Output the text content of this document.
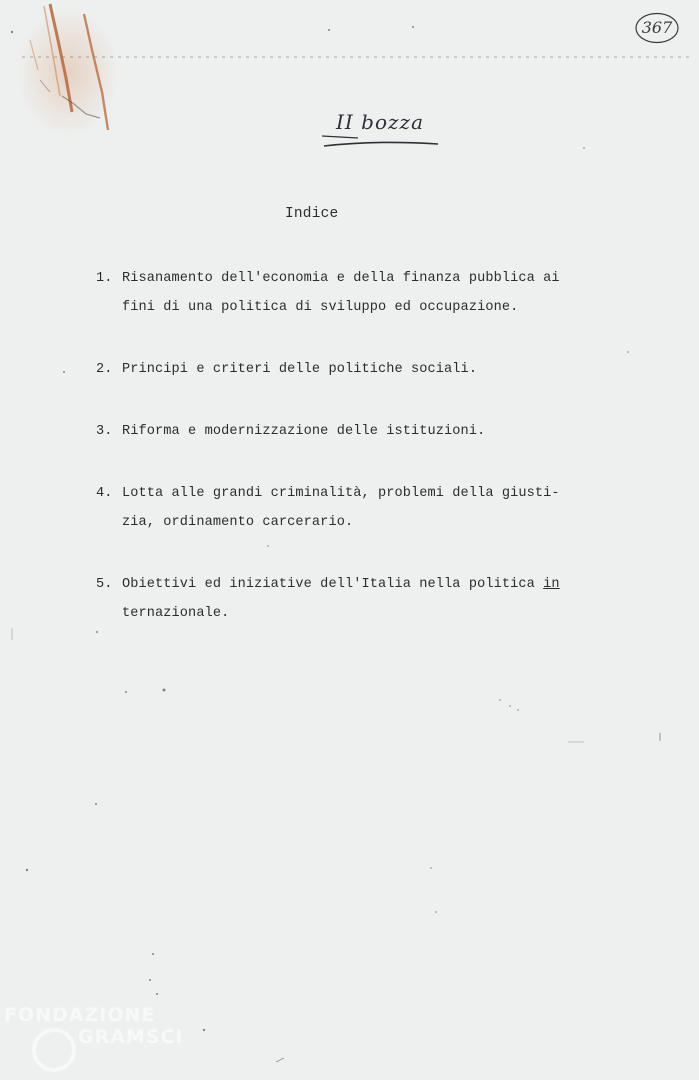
367
II bozza
Indice
1. Risanamento dell'economia e della finanza pubblica ai
fini di una politica di sviluppo ed occupazione.
2. Principi e criteri delle politiche sociali.
3. Riforma e modernizzazione delle istituzioni.
4. Lotta alle grandi criminalità, problemi della giusti-
zia, ordinamento carcerario.
5. Obiettivi ed iniziative dell'Italia nella politica in
ternazionale.
FONDAZIONE
GRAMSCI
